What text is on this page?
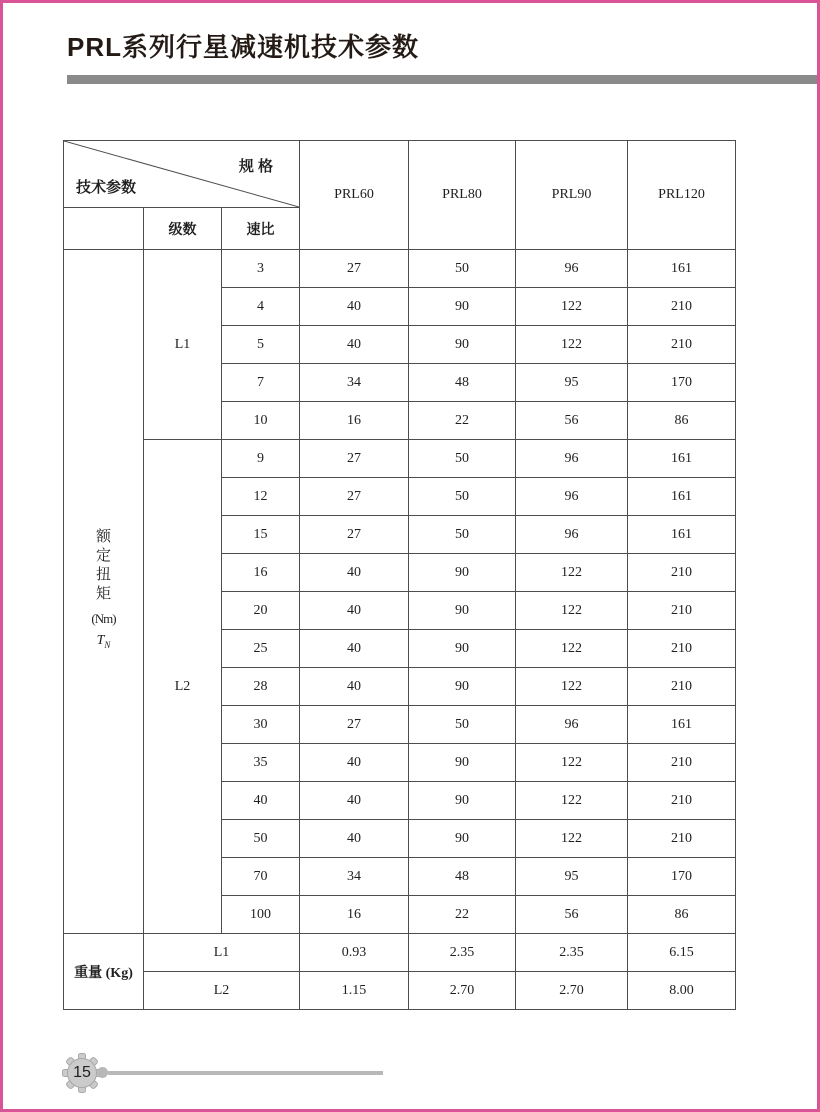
PRL系列行星减速机技术参数
规 格
技术参数			PRL60	PRL80	PRL90	PRL120
	级数	速比				

额
定
扭
矩
(Nm)
$T_N$
	L1	3	27	50	96	161
		4	40	90	122	210
		5	40	90	122	210
		7	34	48	95	170
		10	16	22	56	86
	L2	9	27	50	96	161
		12	27	50	96	161
		15	27	50	96	161
		16	40	90	122	210
		20	40	90	122	210
		25	40	90	122	210
		28	40	90	122	210
		30	27	50	96	161
		35	40	90	122	210
		40	40	90	122	210
		50	40	90	122	210
		70	34	48	95	170
		100	16	22	56	86
重量 (Kg)	L1		0.93	2.35	2.35	6.15
	L2		1.15	2.70	2.70	8.00
15
